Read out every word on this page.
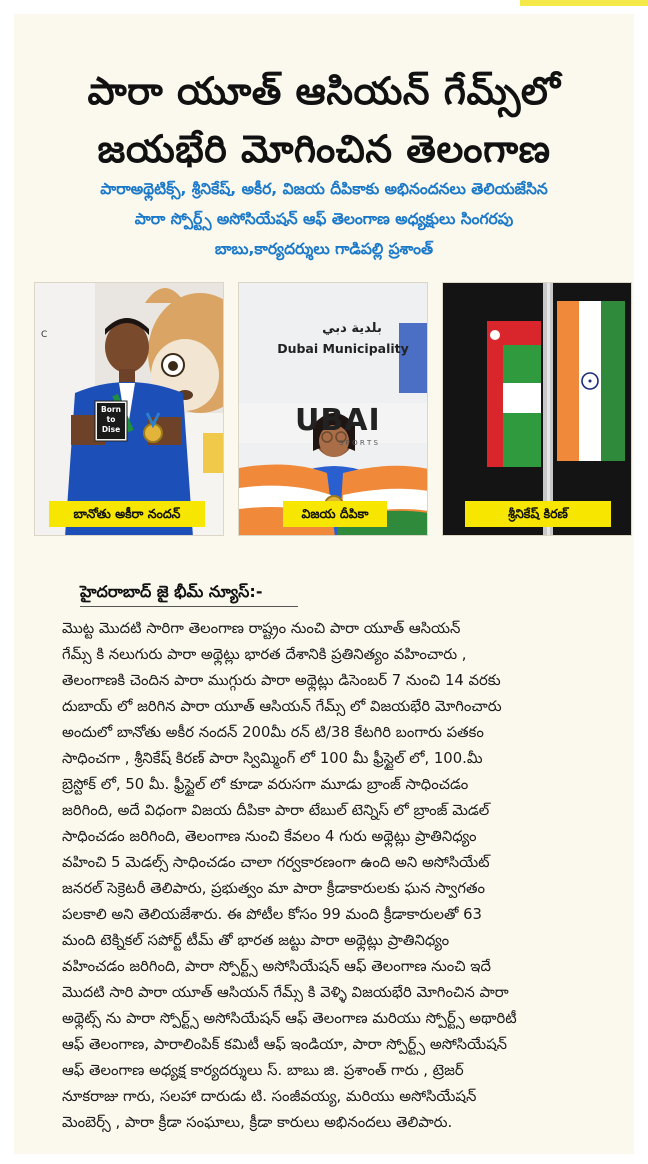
పారా యూత్ ఆసియన్ గేమ్స్‌లో
జయభేరి మోగించిన తెలంగాణ
పారాఅథ్లెటిక్స్, శ్రీనికేష్, అకీర, విజయ దీపికాకు అభినందనలు తెలియజేసిన
పారా స్పోర్ట్స్ అసోసియేషన్ ఆఫ్ తెలంగాణ అధ్యక్షులు సింగరపు
బాబు,కార్యదర్శులు గాడిపల్లి ప్రశాంత్
C
Born
to
Dise
బానోతు అకీరా నందన్
بلدية دبي
Dubai Municipality
UBAI
S P O R T S
విజయ దీపికా	శ్రీనికేష్ కిరణ్
హైదరాబాద్ జై భీమ్ న్యూస్:-
మొట్ట మొదటి సారిగా తెలంగాణ రాష్ట్రం నుంచి పారా యూత్ ఆసియన్
గేమ్స్ కి నలుగురు పారా అథ్లెట్లు భారత దేశానికి ప్రతినిత్యం వహించారు ,
తెలంగాణకి చెందిన పారా ముగ్గురు పారా అథ్లెట్లు డిసెంబర్ 7 నుంచి 14 వరకు
దుబాయ్ లో జరిగిన పారా యూత్ ఆసియన్ గేమ్స్ లో విజయభేరి మోగించారు
అందులో బానోతు అకీర నందన్ 200మీ రన్ టి/38 కేటగిరి బంగారు పతకం
సాధించగా , శ్రీనికేష్ కిరణ్ పారా స్విమ్మింగ్ లో 100 మీ ఫ్రీస్టైల్ లో, 100.మీ
బ్రెస్టోక్ లో, 50 మీ. ఫ్రీస్టైల్ లో కూడా వరుసగా మూడు బ్రాంజ్ సాధించడం
జరిగింది, అదే విధంగా విజయ దీపికా పారా టేబుల్ టెన్నిస్ లో బ్రాంజ్ మెడల్
సాధించడం జరిగింది, తెలంగాణ నుంచి కేవలం 4 గురు అథ్లెట్లు ప్రాతినిధ్యం
వహించి 5 మెడల్స్ సాధించడం చాలా గర్వకారణంగా ఉంది అని అసోసియేట్
జనరల్ సెక్రెటరీ తెలిపారు, ప్రభుత్వం మా పారా క్రీడాకారులకు ఘన స్వాగతం
పలకాలి అని తెలియజేశారు. ఈ పోటీల కోసం 99 మంది క్రీడాకారులతో 63
మంది టెక్నికల్ సపోర్ట్ టీమ్ తో భారత జట్టు పారా అథ్లెట్లు ప్రాతినిధ్యం
వహించడం జరిగింది, పారా స్పోర్ట్స్ అసోసియేషన్ ఆఫ్ తెలంగాణ నుంచి ఇదే
మొదటి సారి పారా యూత్ ఆసియన్ గేమ్స్ కి వెళ్ళి విజయభేరి మోగించిన పారా
అథ్లెట్స్ ను పారా స్పోర్ట్స్ అసోసియేషన్ ఆఫ్ తెలంగాణ మరియు స్పోర్ట్స్ అథారిటీ
ఆఫ్ తెలంగాణ, పారాలింపిక్ కమిటీ ఆఫ్ ఇండియా, పారా స్పోర్ట్స్ అసోసియేషన్
ఆఫ్ తెలంగాణ అధ్యక్ష కార్యదర్శులు స్. బాబు జి. ప్రశాంత్ గారు , ట్రెజర్
నూకరాజు గారు, సలహా దారుడు టి. సంజీవయ్య, మరియు అసోసియేషన్
మెంబెర్స్ , పారా క్రీడా సంఘాలు, క్రీడా కారులు అభినందలు తెలిపారు.
